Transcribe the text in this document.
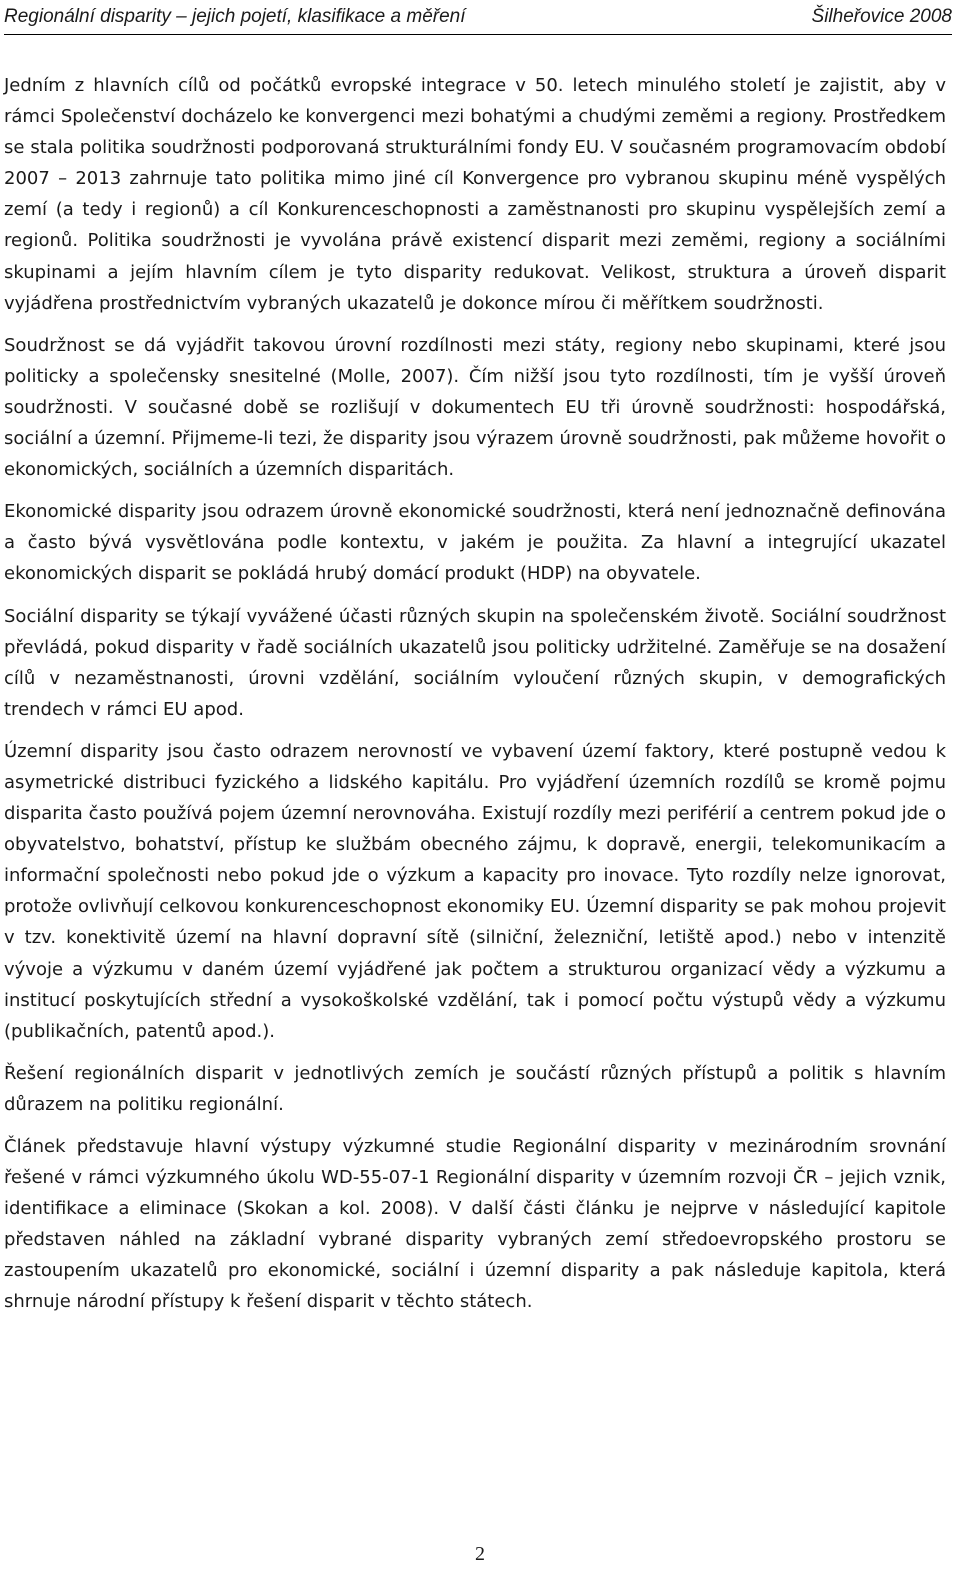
Regionální disparity – jejich pojetí, klasifikace a měření	Šilheřovice 2008

Jedním z hlavních cílů od počátků evropské integrace v 50. letech minulého století je zajistit, aby v rámci Společenství docházelo ke konvergenci mezi bohatými a chudými zeměmi a regiony. Prostředkem se stala politika soudržnosti podporovaná strukturálními fondy EU. V současném programovacím období 2007 – 2013 zahrnuje tato politika mimo jiné cíl Konvergence pro vybranou skupinu méně vyspělých zemí (a tedy i regionů) a cíl Konkurenceschopnosti a zaměstnanosti pro skupinu vyspělejších zemí a regionů. Politika soudržnosti je vyvolána právě existencí disparit mezi zeměmi, regiony a sociálními skupinami a jejím hlavním cílem je tyto disparity redukovat. Velikost, struktura a úroveň disparit vyjádřena prostřednictvím vybraných ukazatelů je dokonce mírou či měřítkem soudržnosti.

Soudržnost se dá vyjádřit takovou úrovní rozdílnosti mezi státy, regiony nebo skupinami, které jsou politicky a společensky snesitelné (Molle, 2007). Čím nižší jsou tyto rozdílnosti, tím je vyšší úroveň soudržnosti. V současné době se rozlišují v dokumentech EU tři úrovně soudržnosti: hospodářská, sociální a územní. Přijmeme-li tezi, že disparity jsou výrazem úrovně soudržnosti, pak můžeme hovořit o ekonomických, sociálních a územních disparitách.

Ekonomické disparity jsou odrazem úrovně ekonomické soudržnosti, která není jednoznačně definována a často bývá vysvětlována podle kontextu, v jakém je použita. Za hlavní a integrující ukazatel ekonomických disparit se pokládá hrubý domácí produkt (HDP) na obyvatele.

Sociální disparity se týkají vyvážené účasti různých skupin na společenském životě. Sociální soudržnost převládá, pokud disparity v řadě sociálních ukazatelů jsou politicky udržitelné. Zaměřuje se na dosažení cílů v nezaměstnanosti, úrovni vzdělání, sociálním vyloučení různých skupin, v demografických trendech v rámci EU apod.

Územní disparity jsou často odrazem nerovností ve vybavení území faktory, které postupně vedou k asymetrické distribuci fyzického a lidského kapitálu. Pro vyjádření územních rozdílů se kromě pojmu disparita často používá pojem územní nerovnováha. Existují rozdíly mezi periférií a centrem pokud jde o obyvatelstvo, bohatství, přístup ke službám obecného zájmu, k dopravě, energii, telekomunikacím a informační společnosti nebo pokud jde o výzkum a kapacity pro inovace. Tyto rozdíly nelze ignorovat, protože ovlivňují celkovou konkurenceschopnost ekonomiky EU. Územní disparity se pak mohou projevit v tzv. konektivitě území na hlavní dopravní sítě (silniční, železniční, letiště apod.) nebo v intenzitě vývoje a výzkumu v daném území vyjádřené jak počtem a strukturou organizací vědy a výzkumu a institucí poskytujících střední a vysokoškolské vzdělání, tak i pomocí počtu výstupů vědy a výzkumu (publikačních, patentů apod.).

Řešení regionálních disparit v jednotlivých zemích je součástí různých přístupů a politik s hlavním důrazem na politiku regionální.

Článek představuje hlavní výstupy výzkumné studie Regionální disparity v mezinárodním srovnání řešené v rámci výzkumného úkolu WD-55-07-1 Regionální disparity v územním rozvoji ČR – jejich vznik, identifikace a eliminace (Skokan a kol. 2008). V další části článku je nejprve v následující kapitole představen náhled na základní vybrané disparity vybraných zemí středoevropského prostoru se zastoupením ukazatelů pro ekonomické, sociální i územní disparity a pak následuje kapitola, která shrnuje národní přístupy k řešení disparit v těchto státech.

2
